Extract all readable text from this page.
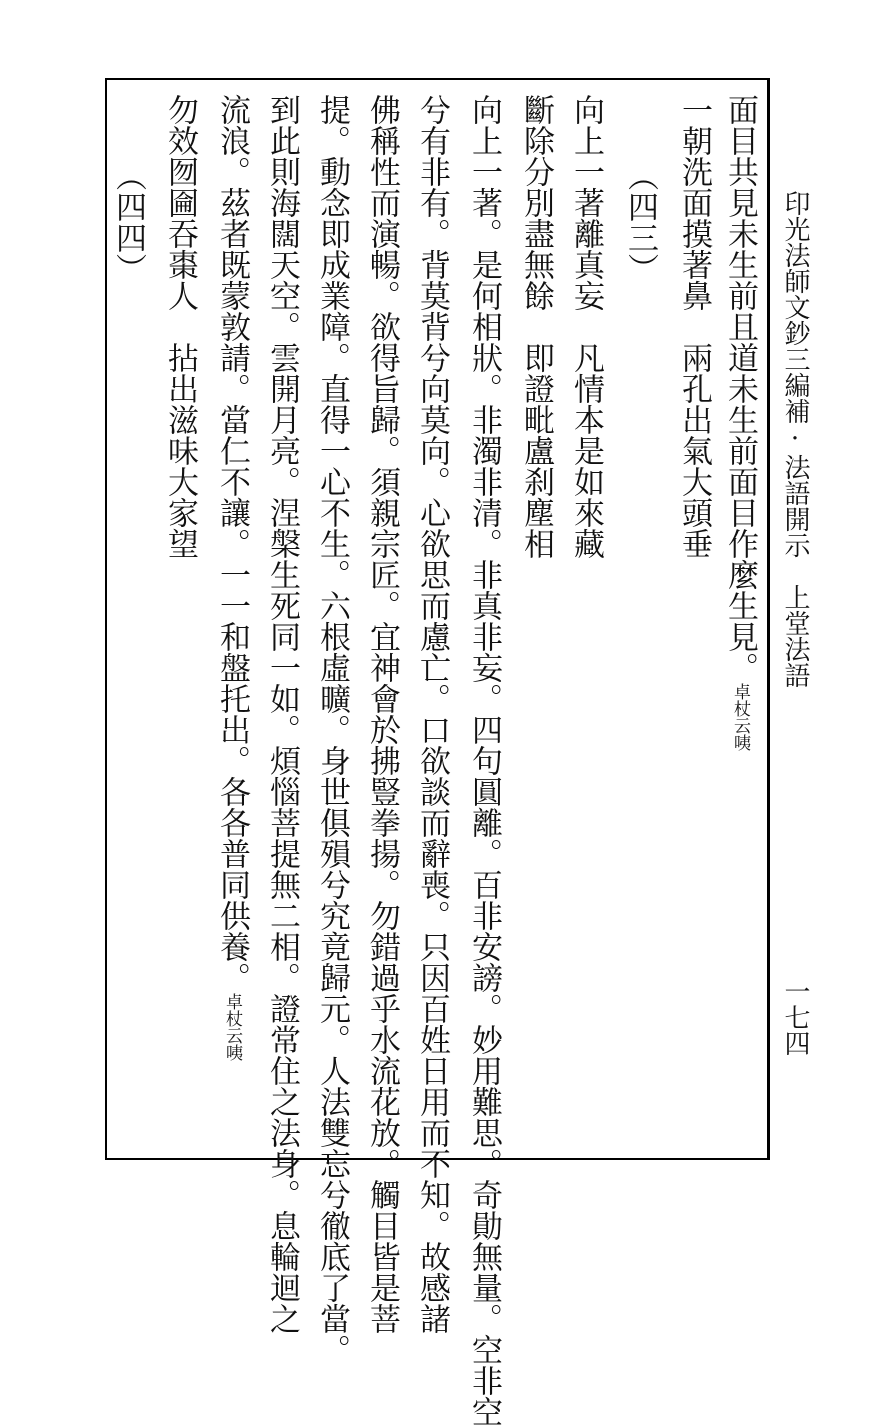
印光法師文鈔三編補·法語開示　上堂法語
一七四
面目共見未生前且道未生前面目作麼生見。卓杖云咦
一朝洗面摸著鼻　兩孔出氣大頭垂
（四三）
向上一著離真妄　凡情本是如來藏
斷除分別盡無餘　即證毗盧刹塵相
向上一著。是何相狀。非濁非清。非真非妄。四句圓離。百非安謗。妙用難思。奇勛無量。空非空
兮有非有。背莫背兮向莫向。心欲思而慮亡。口欲談而辭喪。只因百姓日用而不知。故感諸
佛稱性而演暢。欲得旨歸。須親宗匠。宜神會於拂豎拳揚。勿錯過乎水流花放。觸目皆是菩
提。動念即成業障。直得一心不生。六根虛曠。身世俱殞兮究竟歸元。人法雙忘兮徹底了當。
到此則海闊天空。雲開月亮。涅槃生死同一如。煩惱菩提無二相。證常住之法身。息輪迴之
流浪。茲者既蒙敦請。當仁不讓。一一和盤托出。各各普同供養。卓杖云咦
勿效囫圇吞棗人　拈出滋味大家望
（四四）
